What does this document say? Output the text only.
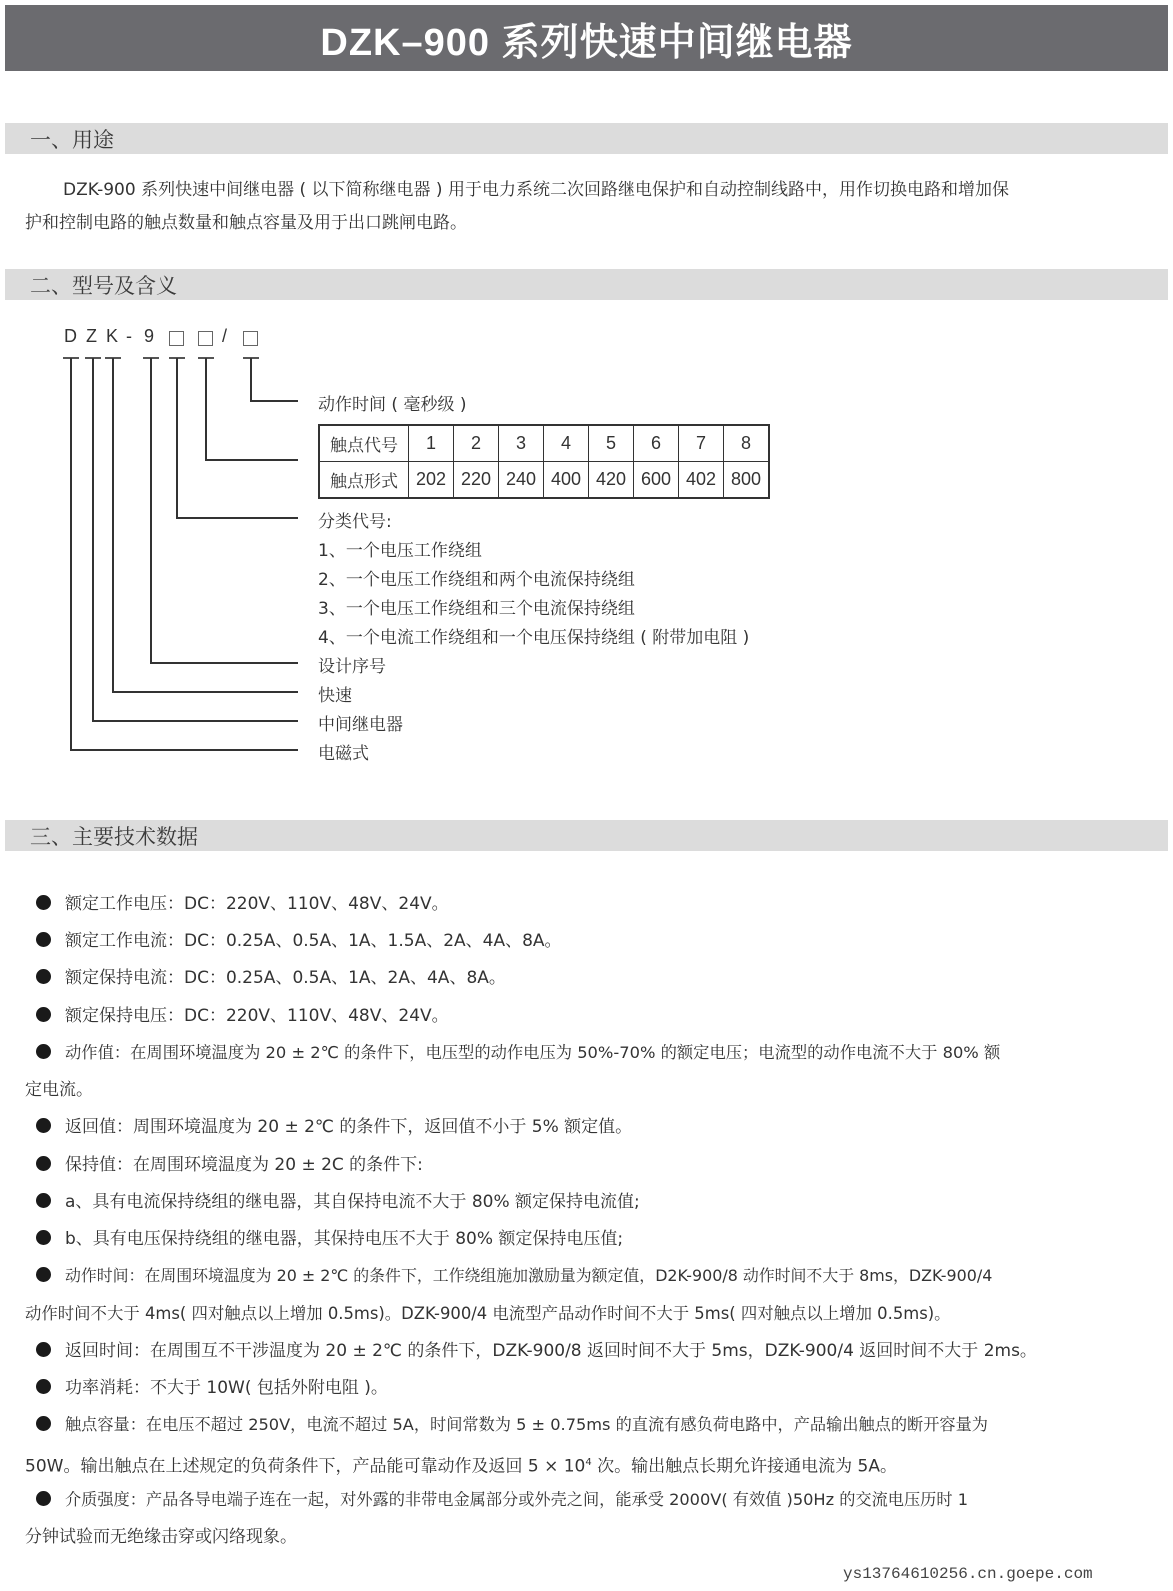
DZK–900 系列快速中间继电器
一、用途
DZK-900 系列快速中间继电器 ( 以下简称继电器 ) 用于电力系统二次回路继电保护和自动控制线路中，用作切换电路和增加保
护和控制电路的触点数量和触点容量及用于出口跳闸电路。
二、型号及含义
D Z K - 9	/
动作时间 ( 毫秒级 )
触点代号	1	2	3	4	5	6	7	8
触点形式	202	220	240	400	420	600	402	800
分类代号:
1、一个电压工作绕组
2、一个电压工作绕组和两个电流保持绕组
3、一个电压工作绕组和三个电流保持绕组
4、一个电流工作绕组和一个电压保持绕组 ( 附带加电阻 )
设计序号
快速
中间继电器
电磁式
三、主要技术数据
额定工作电压：DC：220V、110V、48V、24V。
额定工作电流：DC：0.25A、0.5A、1A、1.5A、2A、4A、8A。
额定保持电流：DC：0.25A、0.5A、1A、2A、4A、8A。
额定保持电压：DC：220V、110V、48V、24V。
动作值：在周围环境温度为 20 ± 2℃ 的条件下，电压型的动作电压为 50%-70% 的额定电压；电流型的动作电流不大于 80% 额
定电流。
返回值：周围环境温度为 20 ± 2℃ 的条件下，返回值不小于 5% 额定值。
保持值：在周围环境温度为 20 ± 2C 的条件下:
a、具有电流保持绕组的继电器，其自保持电流不大于 80% 额定保持电流值;
b、具有电压保持绕组的继电器，其保持电压不大于 80% 额定保持电压值;
动作时间：在周围环境温度为 20 ± 2℃ 的条件下，工作绕组施加激励量为额定值，D2K-900/8 动作时间不大于 8ms，DZK-900/4
动作时间不大于 4ms( 四对触点以上增加 0.5ms)。DZK-900/4 电流型产品动作时间不大于 5ms( 四对触点以上增加 0.5ms)。
返回时间：在周围互不干涉温度为 20 ± 2℃ 的条件下，DZK-900/8 返回时间不大于 5ms，DZK-900/4 返回时间不大于 2ms。
功率消耗：不大于 10W( 包括外附电阻 )。
触点容量：在电压不超过 250V，电流不超过 5A，时间常数为 5 ± 0.75ms 的直流有感负荷电路中，产品输出触点的断开容量为
50W。输出触点在上述规定的负荷条件下，产品能可靠动作及返回 $5 \times 10^4$ 次。输出触点长期允许接通电流为 5A。
介质强度：产品各导电端子连在一起，对外露的非带电金属部分或外壳之间，能承受 2000V( 有效值 )50Hz 的交流电压历时 1
分钟试验而无绝缘击穿或闪络现象。
ys13764610256.cn.goepe.com
